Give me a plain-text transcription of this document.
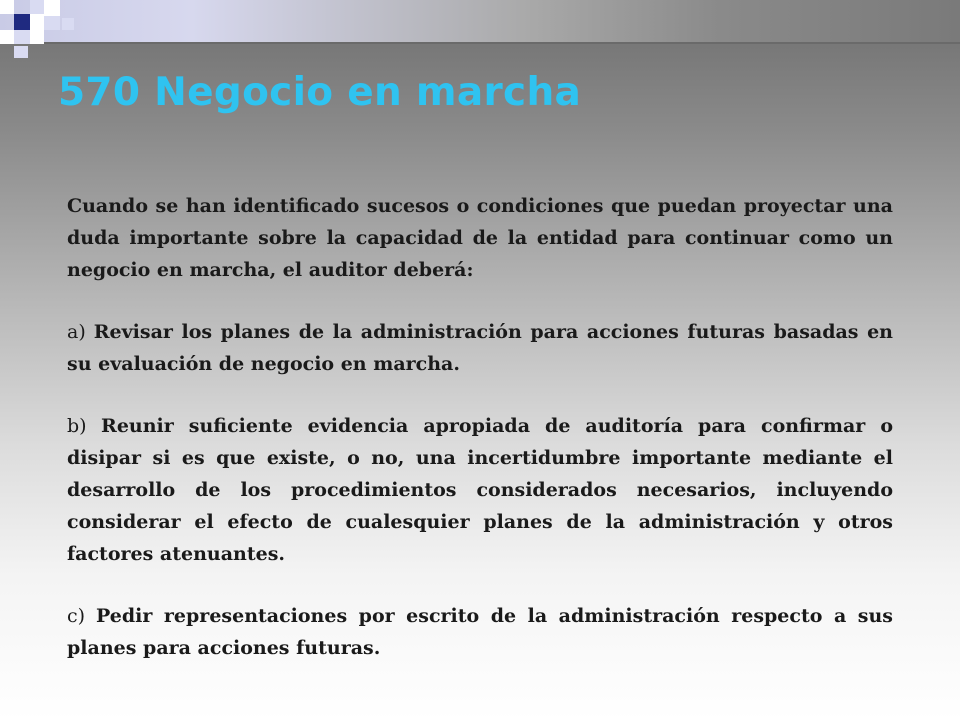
570 Negocio en marcha

Cuando se han identificado sucesos o condiciones que puedan proyectar una duda importante sobre la capacidad de la entidad para continuar como un negocio en marcha, el auditor deberá:

a) Revisar los planes de la administración para acciones futuras basadas en su evaluación de negocio en marcha.

b) Reunir suficiente evidencia apropiada de auditoría para confirmar o disipar si es que existe, o no, una incertidumbre importante mediante el desarrollo de los procedimientos considerados necesarios, incluyendo considerar el efecto de cualesquier planes de la administración y otros factores atenuantes.

c) Pedir representaciones por escrito de la administración respecto a sus planes para acciones futuras.
